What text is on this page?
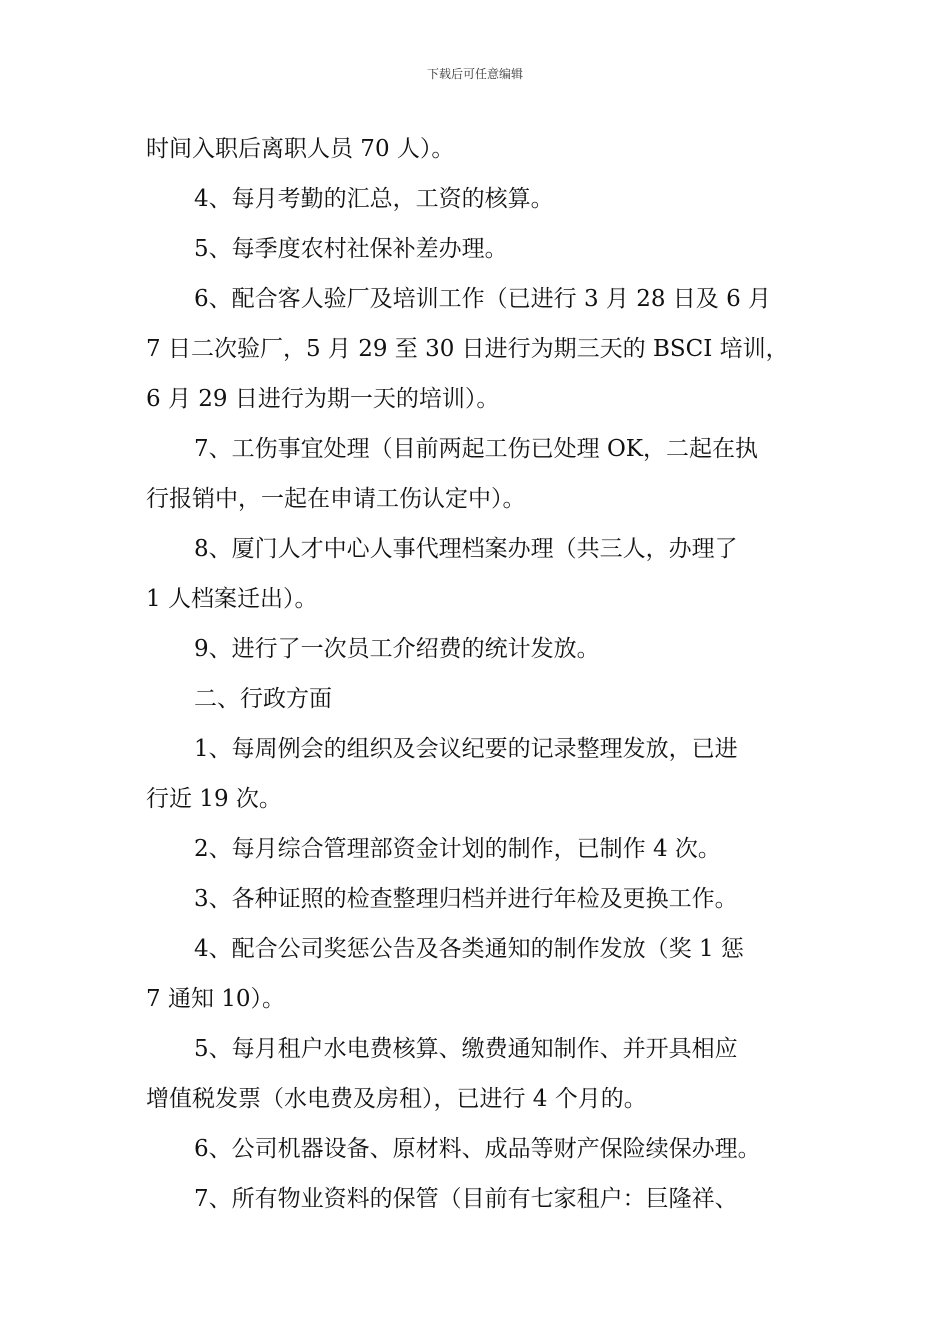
下载后可任意编辑
时间入职后离职人员 70 人）。
4、每月考勤的汇总，工资的核算。
5、每季度农村社保补差办理。
6、配合客人验厂及培训工作（已进行 3 月 28 日及 6 月
7 日二次验厂，5 月 29 至 30 日进行为期三天的 BSCI 培训，
6 月 29 日进行为期一天的培训）。
7、工伤事宜处理（目前两起工伤已处理 OK，二起在执
行报销中，一起在申请工伤认定中）。
8、厦门人才中心人事代理档案办理（共三人，办理了
1 人档案迁出）。
9、进行了一次员工介绍费的统计发放。
二、行政方面
1、每周例会的组织及会议纪要的记录整理发放，已进
行近 19 次。
2、每月综合管理部资金计划的制作，已制作 4 次。
3、各种证照的检查整理归档并进行年检及更换工作。
4、配合公司奖惩公告及各类通知的制作发放（奖 1 惩
7 通知 10）。
5、每月租户水电费核算、缴费通知制作、并开具相应
增值税发票（水电费及房租），已进行 4 个月的。
6、公司机器设备、原材料、成品等财产保险续保办理。
7、所有物业资料的保管（目前有七家租户：巨隆祥、
